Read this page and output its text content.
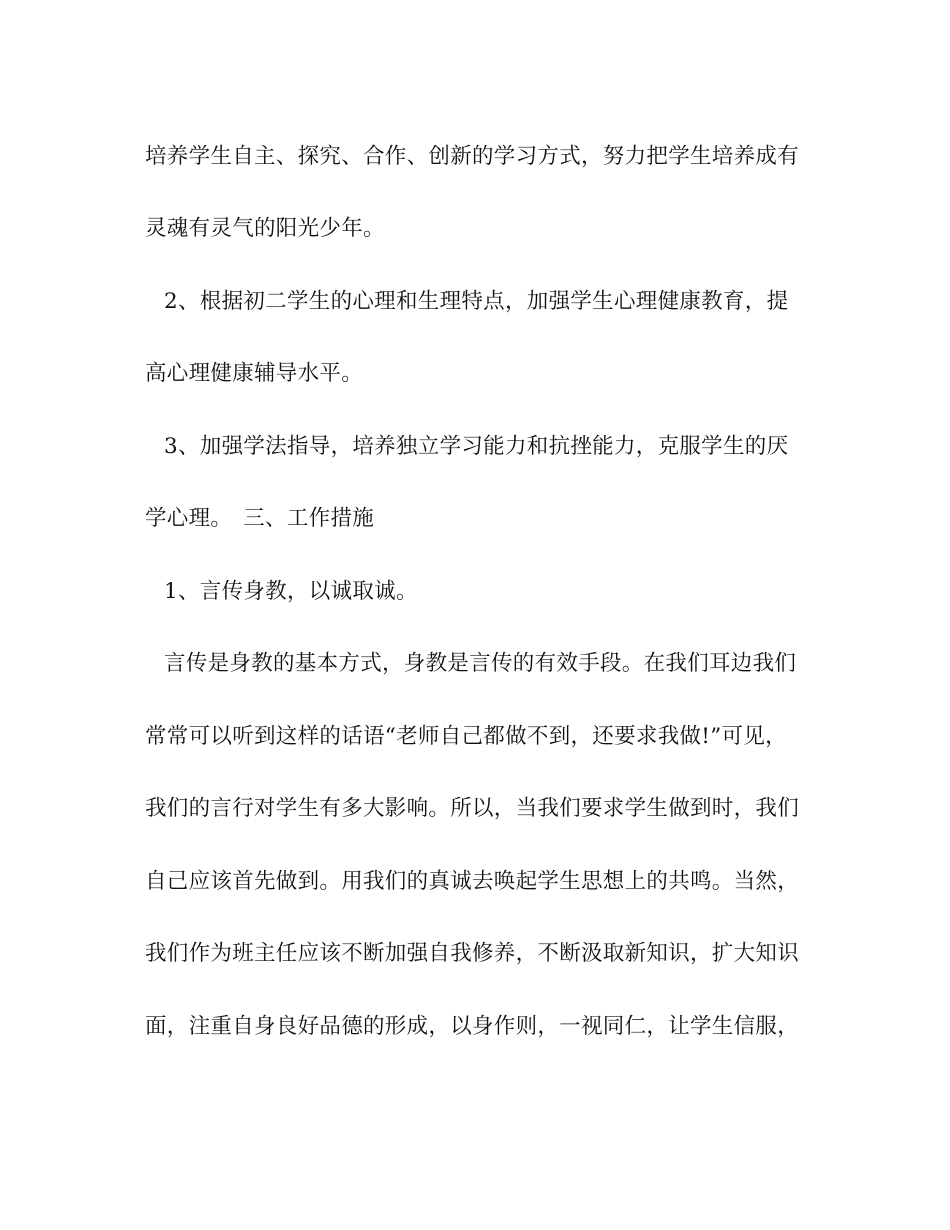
培养学生自主、探究、合作、创新的学习方式，努力把学生培养成有
灵魂有灵气的阳光少年。
2、根据初二学生的心理和生理特点，加强学生心理健康教育，提
高心理健康辅导水平。
3、加强学法指导，培养独立学习能力和抗挫能力，克服学生的厌
学心理。　三、工作措施
1、言传身教，以诚取诚。
言传是身教的基本方式，身教是言传的有效手段。在我们耳边我们
常常可以听到这样的话语“老师自己都做不到，还要求我做!”可见，
我们的言行对学生有多大影响。所以，当我们要求学生做到时，我们
自己应该首先做到。用我们的真诚去唤起学生思想上的共鸣。当然，
我们作为班主任应该不断加强自我修养，不断汲取新知识，扩大知识
面，注重自身良好品德的形成，以身作则，一视同仁，让学生信服，
